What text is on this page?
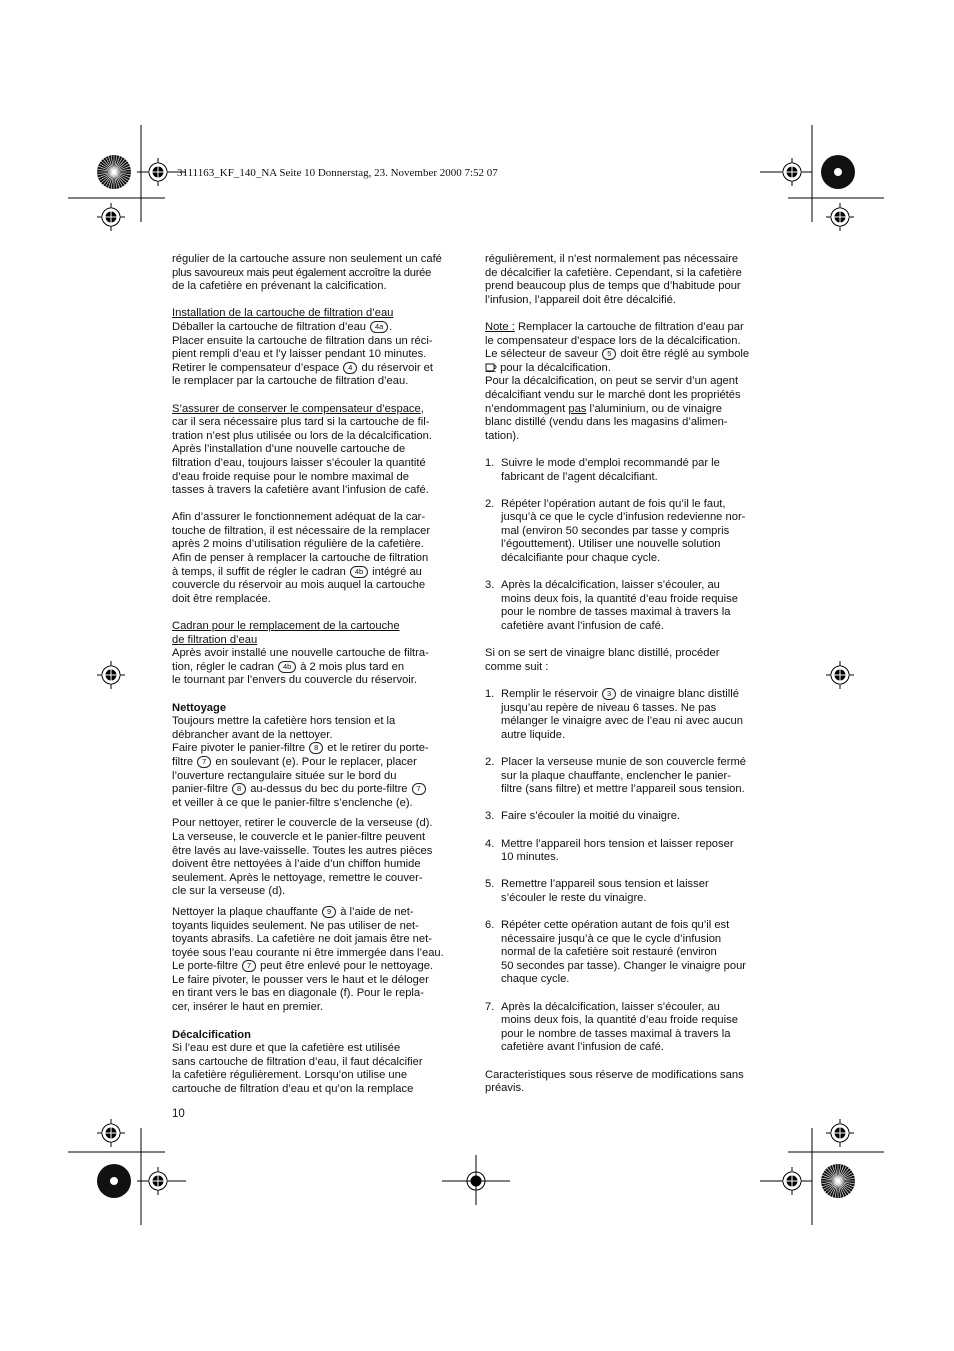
3111163_KF_140_NA Seite 10 Donnerstag, 23. November 2000 7:52 07

régulier de la cartouche assure non seulement un café

plus savoureux mais peut également accroître la durée

de la cafetière en prévenant la calcification.

Installation de la cartouche de filtration d’eau

Déballer la cartouche de filtration d’eau 4a .

Placer ensuite la cartouche de filtration dans un réci-

pient rempli d’eau et l’y laisser pendant 10 minutes.

Retirer le compensateur d’espace 4 du réservoir et

le remplacer par la cartouche de filtration d’eau.

S’assurer de conserver le compensateur d’espace,

car il sera nécessaire plus tard si la cartouche de fil-

tration n’est plus utilisée ou lors de la décalcification.

Après l’installation d’une nouvelle cartouche de

filtration d’eau, toujours laisser s’écouler la quantité

d’eau froide requise pour le nombre maximal de

tasses à travers la cafetière avant l’infusion de café.

Afin d’assurer le fonctionnement adéquat de la car-

touche de filtration, il est nécessaire de la remplacer

après 2 moins d’utilisation régulière de la cafetière.

Afin de penser à remplacer la cartouche de filtration

à temps, il suffit de régler le cadran 4b intégré au

couvercle du réservoir au mois auquel la cartouche

doit être remplacée.

Cadran pour le remplacement de la cartouche

de filtration d’eau

Après avoir installé une nouvelle cartouche de filtra-

tion, régler le cadran 4b à 2 mois plus tard en

le tournant par l’envers du couvercle du réservoir.

Nettoyage

Toujours mettre la cafetière hors tension et la

débrancher avant de la nettoyer.

Faire pivoter le panier-filtre 8 et le retirer du porte-

filtre 7 en soulevant (e). Pour le replacer, placer

l’ouverture rectangulaire située sur le bord du

panier-filtre 8 au-dessus du bec du porte-filtre 7

et veiller à ce que le panier-filtre s’enclenche (e).

Pour nettoyer, retirer le couvercle de la verseuse (d).

La verseuse, le couvercle et le panier-filtre peuvent

être lavés au lave-vaisselle. Toutes les autres pièces

doivent être nettoyées à l’aide d’un chiffon humide

seulement. Après le nettoyage, remettre le couver-

cle sur la verseuse (d).

Nettoyer la plaque chauffante 9 à l’aide de net-

toyants liquides seulement. Ne pas utiliser de net-

toyants abrasifs. La cafetière ne doit jamais être net-

toyée sous l’eau courante ni être immergée dans l’eau.

Le porte-filtre 7 peut être enlevé pour le nettoyage.

Le faire pivoter, le pousser vers le haut et le déloger

en tirant vers le bas en diagonale (f). Pour le repla-

cer, insérer le haut en premier.

Décalcification

Si l’eau est dure et que la cafetière est utilisée

sans cartouche de filtration d’eau, il faut décalcifier

la cafetière régulièrement. Lorsqu’on utilise une

cartouche de filtration d’eau et qu’on la remplace

10

régulièrement, il n’est normalement pas nécessaire

de décalcifier la cafetière. Cependant, si la cafetière

prend beaucoup plus de temps que d’habitude pour

l’infusion, l’appareil doit être décalcifié.

Note : Remplacer la cartouche de filtration d’eau par

le compensateur d’espace lors de la décalcification.

Le sélecteur de saveur 5 doit être réglé au symbole

pour la décalcification.

Pour la décalcification, on peut se servir d’un agent

décalcifiant vendu sur le marché dont les propriétés

n’endommagent pas l’aluminium, ou de vinaigre

blanc distillé (vendu dans les magasins d’alimen-

tation).

1. Suivre le mode d’emploi recommandé par le

fabricant de l’agent décalcifiant.

2. Répéter l’opération autant de fois qu’il le faut,

jusqu’à ce que le cycle d’infusion redevienne nor-

mal (environ 50 secondes par tasse y compris

l’égouttement). Utiliser une nouvelle solution

décalcifiante pour chaque cycle.

3. Après la décalcification, laisser s’écouler, au

moins deux fois, la quantité d’eau froide requise

pour le nombre de tasses maximal à travers la

cafetière avant l’infusion de café.

Si on se sert de vinaigre blanc distillé, procéder

comme suit :

1. Remplir le réservoir 3 de vinaigre blanc distillé

jusqu’au repère de niveau 6 tasses. Ne pas

mélanger le vinaigre avec de l’eau ni avec aucun

autre liquide.

2. Placer la verseuse munie de son couvercle fermé

sur la plaque chauffante, enclencher le panier-

filtre (sans filtre) et mettre l’appareil sous tension.

3. Faire s’écouler la moitié du vinaigre.

4. Mettre l’appareil hors tension et laisser reposer

10 minutes.

5. Remettre l’appareil sous tension et laisser

s’écouler le reste du vinaigre.

6. Répéter cette opération autant de fois qu’il est

nécessaire jusqu’à ce que le cycle d’infusion

normal de la cafetière soit restauré (environ

50 secondes par tasse). Changer le vinaigre pour

chaque cycle.

7. Après la décalcification, laisser s’écouler, au

moins deux fois, la quantité d’eau froide requise

pour le nombre de tasses maximal à travers la

cafetière avant l’infusion de café.

Caracteristiques sous réserve de modifications sans

préavis.
